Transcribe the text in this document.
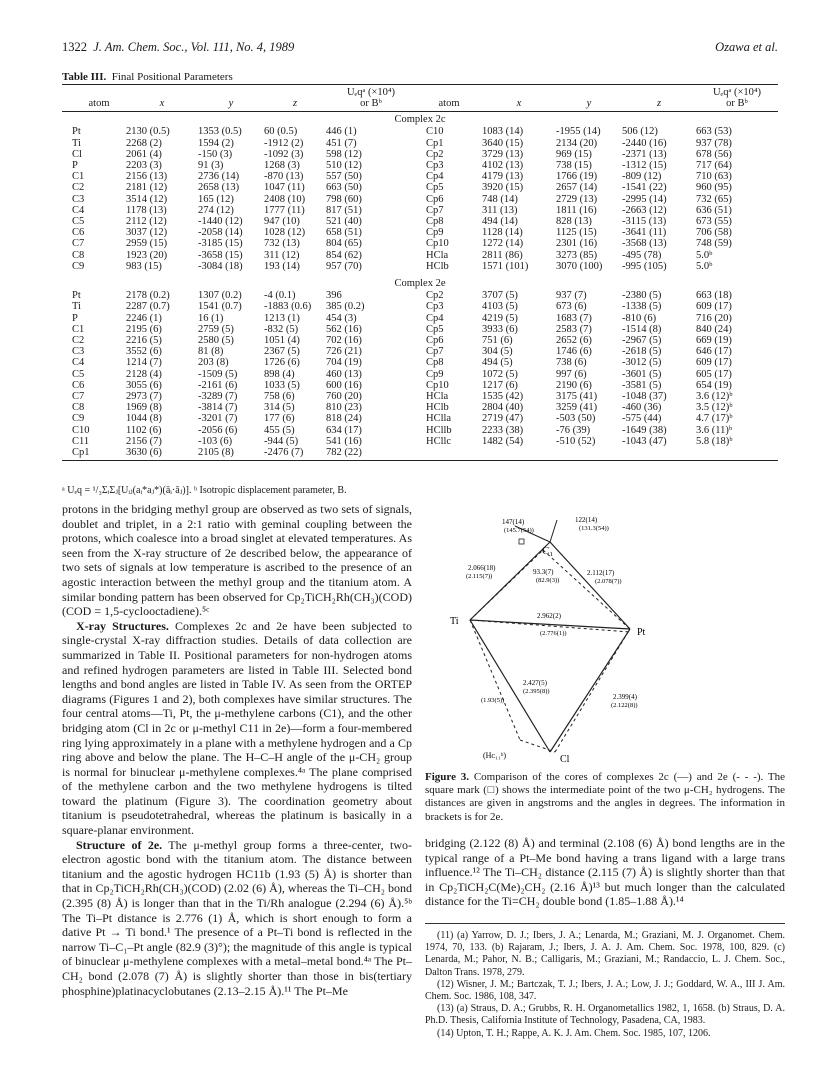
1322 J. Am. Chem. Soc., Vol. 111, No. 4, 1989	Ozawa et al.
Table III. Final Positional Parameters
				Uₑqᵃ (×10⁴)					Uₑqᵃ (×10⁴)
atom	x	y	z	or Bᵇ	atom	x	y	z	or Bᵇ
Complex 2c									
Pt	2130 (0.5)	1353 (0.5)	60 (0.5)	446 (1)	C10	1083 (14)	-1955 (14)	506 (12)	663 (53)
Ti	2268 (2)	1594 (2)	-1912 (2)	451 (7)	Cp1	3640 (15)	2134 (20)	-2440 (16)	937 (78)
Cl	2061 (4)	-150 (3)	-1092 (3)	598 (12)	Cp2	3729 (13)	969 (15)	-2371 (13)	678 (56)
P	2203 (3)	91 (3)	1268 (3)	510 (12)	Cp3	4102 (13)	738 (15)	-1312 (15)	717 (64)
C1	2156 (13)	2736 (14)	-870 (13)	557 (50)	Cp4	4179 (13)	1766 (19)	-809 (12)	710 (63)
C2	2181 (12)	2658 (13)	1047 (11)	663 (50)	Cp5	3920 (15)	2657 (14)	-1541 (22)	960 (95)
C3	3514 (12)	165 (12)	2408 (10)	798 (60)	Cp6	748 (14)	2729 (13)	-2995 (14)	732 (65)
C4	1178 (13)	274 (12)	1777 (11)	817 (51)	Cp7	311 (13)	1811 (16)	-2663 (12)	636 (51)
C5	2112 (12)	-1440 (12)	947 (10)	521 (40)	Cp8	494 (14)	828 (13)	-3115 (13)	673 (55)
C6	3037 (12)	-2058 (14)	1028 (12)	658 (51)	Cp9	1128 (14)	1125 (15)	-3641 (11)	706 (58)
C7	2959 (15)	-3185 (15)	732 (13)	804 (65)	Cp10	1272 (14)	2301 (16)	-3568 (13)	748 (59)
C8	1923 (20)	-3658 (15)	311 (12)	854 (62)	HCla	2811 (86)	3273 (85)	-495 (78)	5.0ᵇ
C9	983 (15)	-3084 (18)	193 (14)	957 (70)	HClb	1571 (101)	3070 (100)	-995 (105)	5.0ᵇ

Complex 2e									
Pt	2178 (0.2)	1307 (0.2)	-4 (0.1)	396	Cp2	3707 (5)	937 (7)	-2380 (5)	663 (18)
Ti	2287 (0.7)	1541 (0.7)	-1883 (0.6)	385 (0.2)	Cp3	4103 (5)	673 (6)	-1338 (5)	609 (17)
P	2246 (1)	16 (1)	1213 (1)	454 (3)	Cp4	4219 (5)	1683 (7)	-810 (6)	716 (20)
C1	2195 (6)	2759 (5)	-832 (5)	562 (16)	Cp5	3933 (6)	2583 (7)	-1514 (8)	840 (24)
C2	2216 (5)	2580 (5)	1051 (4)	702 (16)	Cp6	751 (6)	2652 (6)	-2967 (5)	669 (19)
C3	3552 (6)	81 (8)	2367 (5)	726 (21)	Cp7	304 (5)	1746 (6)	-2618 (5)	646 (17)
C4	1214 (7)	203 (8)	1726 (6)	704 (19)	Cp8	494 (5)	738 (6)	-3012 (5)	609 (17)
C5	2128 (4)	-1509 (5)	898 (4)	460 (13)	Cp9	1072 (5)	997 (6)	-3601 (5)	605 (17)
C6	3055 (6)	-2161 (6)	1033 (5)	600 (16)	Cp10	1217 (6)	2190 (6)	-3581 (5)	654 (19)
C7	2973 (7)	-3289 (7)	758 (6)	760 (20)	HCla	1535 (42)	3175 (41)	-1048 (37)	3.6 (12)ᵇ
C8	1969 (8)	-3814 (7)	314 (5)	810 (23)	HClb	2804 (40)	3259 (41)	-460 (36)	3.5 (12)ᵇ
C9	1044 (8)	-3201 (7)	177 (6)	818 (24)	HClla	2719 (47)	-503 (50)	-575 (44)	4.7 (17)ᵇ
C10	1102 (6)	-2056 (6)	455 (5)	634 (17)	HCllb	2233 (38)	-76 (39)	-1649 (38)	3.6 (11)ᵇ
C11	2156 (7)	-103 (6)	-944 (5)	541 (16)	HCllc	1482 (54)	-510 (52)	-1043 (47)	5.8 (18)ᵇ
Cp1	3630 (6)	2105 (8)	-2476 (7)	782 (22)					
ᵃ Uₑq = ¹/₃ΣᵢΣⱼ[Uᵢⱼ(aᵢ*aⱼ*)(āᵢ·āⱼ)]. ᵇ Isotropic displacement parameter, B.

protons in the bridging methyl group are observed as two sets of signals, doublet and triplet, in a 2:1 ratio with geminal coupling between the protons, which coalesce into a broad singlet at elevated temperatures. As seen from the X-ray structure of 2e described below, the appearance of two sets of signals at low temperature is ascribed to the presence of an agostic interaction between the methyl group and the titanium atom. A similar bonding pattern has been observed for Cp₂TiCH₂Rh(CH₃)(COD) (COD = 1,5-cyclooctadiene).⁵ᶜ

X-ray Structures. Complexes 2c and 2e have been subjected to single-crystal X-ray diffraction studies. Details of data collection are summarized in Table II. Positional parameters for non-hydrogen atoms and refined hydrogen parameters are listed in Table III. Selected bond lengths and bond angles are listed in Table IV. As seen from the ORTEP diagrams (Figures 1 and 2), both complexes have similar structures. The four central atoms—Ti, Pt, the μ-methylene carbons (C1), and the other bridging atom (Cl in 2c or μ-methyl C11 in 2e)—form a four-membered ring lying approximately in a plane with a methylene hydrogen and a Cp ring above and below the plane. The H–C–H angle of the μ-CH₂ group is normal for binuclear μ-methylene complexes.⁴ᵃ The plane comprised of the methylene carbon and the two methylene hydrogens is tilted toward the platinum (Figure 3). The coordination geometry about titanium is pseudotetrahedral, whereas the platinum is basically in a square-planar environment.

Structure of 2e. The μ-methyl group forms a three-center, two-electron agostic bond with the titanium atom. The distance between titanium and the agostic hydrogen HC11b (1.93 (5) Å) is shorter than that in Cp₂TiCH₂Rh(CH₃)(COD) (2.02 (6) Å), whereas the Ti–CH₂ bond (2.395 (8) Å) is longer than that in the Ti/Rh analogue (2.294 (6) Å).⁵ᵇ The Ti–Pt distance is 2.776 (1) Å, which is short enough to form a dative Pt → Ti bond.¹ The presence of a Pt–Ti bond is reflected in the narrow Ti–C₁–Pt angle (82.9 (3)°); the magnitude of this angle is typical of binuclear μ-methylene complexes with a metal–metal bond.⁴ᵃ The Pt–CH₂ bond (2.078 (7) Å) is slightly shorter than those in bis(tertiary phosphine)platinacyclobutanes (2.13–2.15 Å).¹¹ The Pt–Me

C₁
Ti
Pt
Cl
(Hᴄ₁₁ᵇ)
147(14)
(145.7(54))
122(14)
(131.3(54))
2.066(18)
(2.115(7))
93.3(7)
(82.9(3))
2.112(17)
(2.078(7))
2.962(2)
(2.776(1))
2.427(5)
(2.395(8))
(1.93(5))	2.399(4)
(2.122(8))
Figure 3. Comparison of the cores of complexes 2c (—) and 2e (- - -). The square mark (□) shows the intermediate point of the two μ-CH₂ hydrogens. The distances are given in angstroms and the angles in degrees. The information in brackets is for 2e.

bridging (2.122 (8) Å) and terminal (2.108 (6) Å) bond lengths are in the typical range of a Pt–Me bond having a trans ligand with a large trans influence.¹² The Ti–CH₂ distance (2.115 (7) Å) is slightly shorter than that in Cp₂TiCH₂C(Me)₂CH₂ (2.16 Å)¹³ but much longer than the calculated distance for the Ti=CH₂ double bond (1.85–1.88 Å).¹⁴

(11) (a) Yarrow, D. J.; Ibers, J. A.; Lenarda, M.; Graziani, M. J. Organomet. Chem. 1974, 70, 133. (b) Rajaram, J.; Ibers, J. A. J. Am. Chem. Soc. 1978, 100, 829. (c) Lenarda, M.; Pahor, N. B.; Calligaris, M.; Graziani, M.; Randaccio, L. J. Chem. Soc., Dalton Trans. 1978, 279.

(12) Wisner, J. M.; Bartczak, T. J.; Ibers, J. A.; Low, J. J.; Goddard, W. A., III J. Am. Chem. Soc. 1986, 108, 347.

(13) (a) Straus, D. A.; Grubbs, R. H. Organometallics 1982, 1, 1658. (b) Straus, D. A. Ph.D. Thesis, California Institute of Technology, Pasadena, CA, 1983.

(14) Upton, T. H.; Rappe, A. K. J. Am. Chem. Soc. 1985, 107, 1206.
